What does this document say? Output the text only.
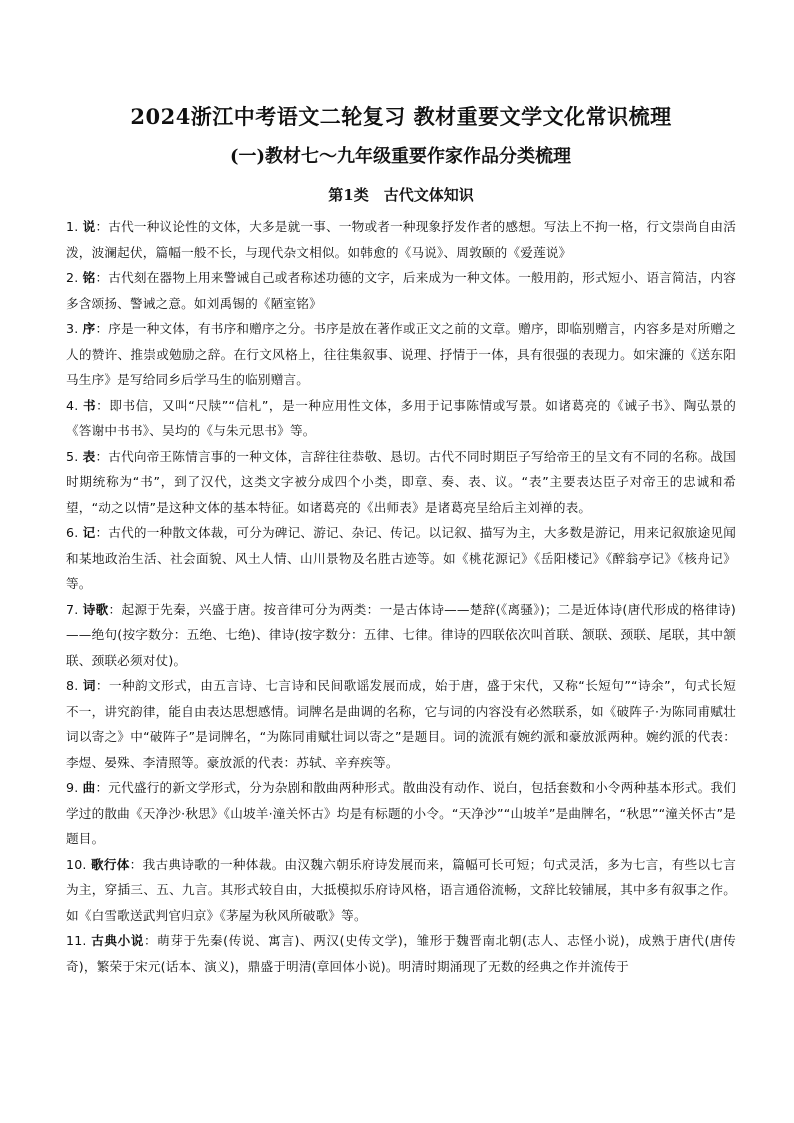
2024浙江中考语文二轮复习 教材重要文学文化常识梳理
(一)教材七～九年级重要作家作品分类梳理
第1类　古代文体知识

1. 说：古代一种议论性的文体，大多是就一事、一物或者一种现象抒发作者的感想。写法上不拘一格，行文崇尚自由活泼，波澜起伏，篇幅一般不长，与现代杂文相似。如韩愈的《马说》、周敦颐的《爱莲说》

2. 铭：古代刻在器物上用来警诫自己或者称述功德的文字，后来成为一种文体。一般用韵，形式短小、语言简洁，内容多含颂扬、警诫之意。如刘禹锡的《陋室铭》

3. 序：序是一种文体，有书序和赠序之分。书序是放在著作或正文之前的文章。赠序，即临别赠言，内容多是对所赠之人的赞许、推崇或勉励之辞。在行文风格上，往往集叙事、说理、抒情于一体，具有很强的表现力。如宋濂的《送东阳马生序》是写给同乡后学马生的临别赠言。

4. 书：即书信，又叫“尺牍”“信札”，是一种应用性文体，多用于记事陈情或写景。如诸葛亮的《诫子书》、陶弘景的《答谢中书书》、吴均的《与朱元思书》等。

5. 表：古代向帝王陈情言事的一种文体，言辞往往恭敬、恳切。古代不同时期臣子写给帝王的呈文有不同的名称。战国时期统称为“书”，到了汉代，这类文字被分成四个小类，即章、奏、表、议。“表”主要表达臣子对帝王的忠诚和希望，“动之以情”是这种文体的基本特征。如诸葛亮的《出师表》是诸葛亮呈给后主刘禅的表。

6. 记：古代的一种散文体裁，可分为碑记、游记、杂记、传记。以记叙、描写为主，大多数是游记，用来记叙旅途见闻和某地政治生活、社会面貌、风土人情、山川景物及名胜古迹等。如《桃花源记》《岳阳楼记》《醉翁亭记》《核舟记》等。

7. 诗歌：起源于先秦，兴盛于唐。按音律可分为两类：一是古体诗——楚辞(《离骚》)；二是近体诗(唐代形成的格律诗)——绝句(按字数分：五绝、七绝)、律诗(按字数分：五律、七律。律诗的四联依次叫首联、颔联、颈联、尾联，其中颔联、颈联必须对仗)。

8. 词：一种韵文形式，由五言诗、七言诗和民间歌谣发展而成，始于唐，盛于宋代，又称“长短句”“诗余”，句式长短不一，讲究韵律，能自由表达思想感情。词牌名是曲调的名称，它与词的内容没有必然联系，如《破阵子·为陈同甫赋壮词以寄之》中“破阵子”是词牌名，“为陈同甫赋壮词以寄之”是题目。词的流派有婉约派和豪放派两种。婉约派的代表：李煜、晏殊、李清照等。豪放派的代表：苏轼、辛弃疾等。

9. 曲：元代盛行的新文学形式，分为杂剧和散曲两种形式。散曲没有动作、说白，包括套数和小令两种基本形式。我们学过的散曲《天净沙·秋思》《山坡羊·潼关怀古》均是有标题的小令。“天净沙”“山坡羊”是曲牌名，“秋思”“潼关怀古”是题目。

10. 歌行体：我古典诗歌的一种体裁。由汉魏六朝乐府诗发展而来，篇幅可长可短；句式灵活，多为七言，有些以七言为主，穿插三、五、九言。其形式较自由，大抵模拟乐府诗风格，语言通俗流畅，文辞比较铺展，其中多有叙事之作。如《白雪歌送武判官归京》《茅屋为秋风所破歌》等。

11. 古典小说：萌芽于先秦(传说、寓言)、两汉(史传文学)，雏形于魏晋南北朝(志人、志怪小说)，成熟于唐代(唐传奇)，繁荣于宋元(话本、演义)，鼎盛于明清(章回体小说)。明清时期涌现了无数的经典之作并流传于
